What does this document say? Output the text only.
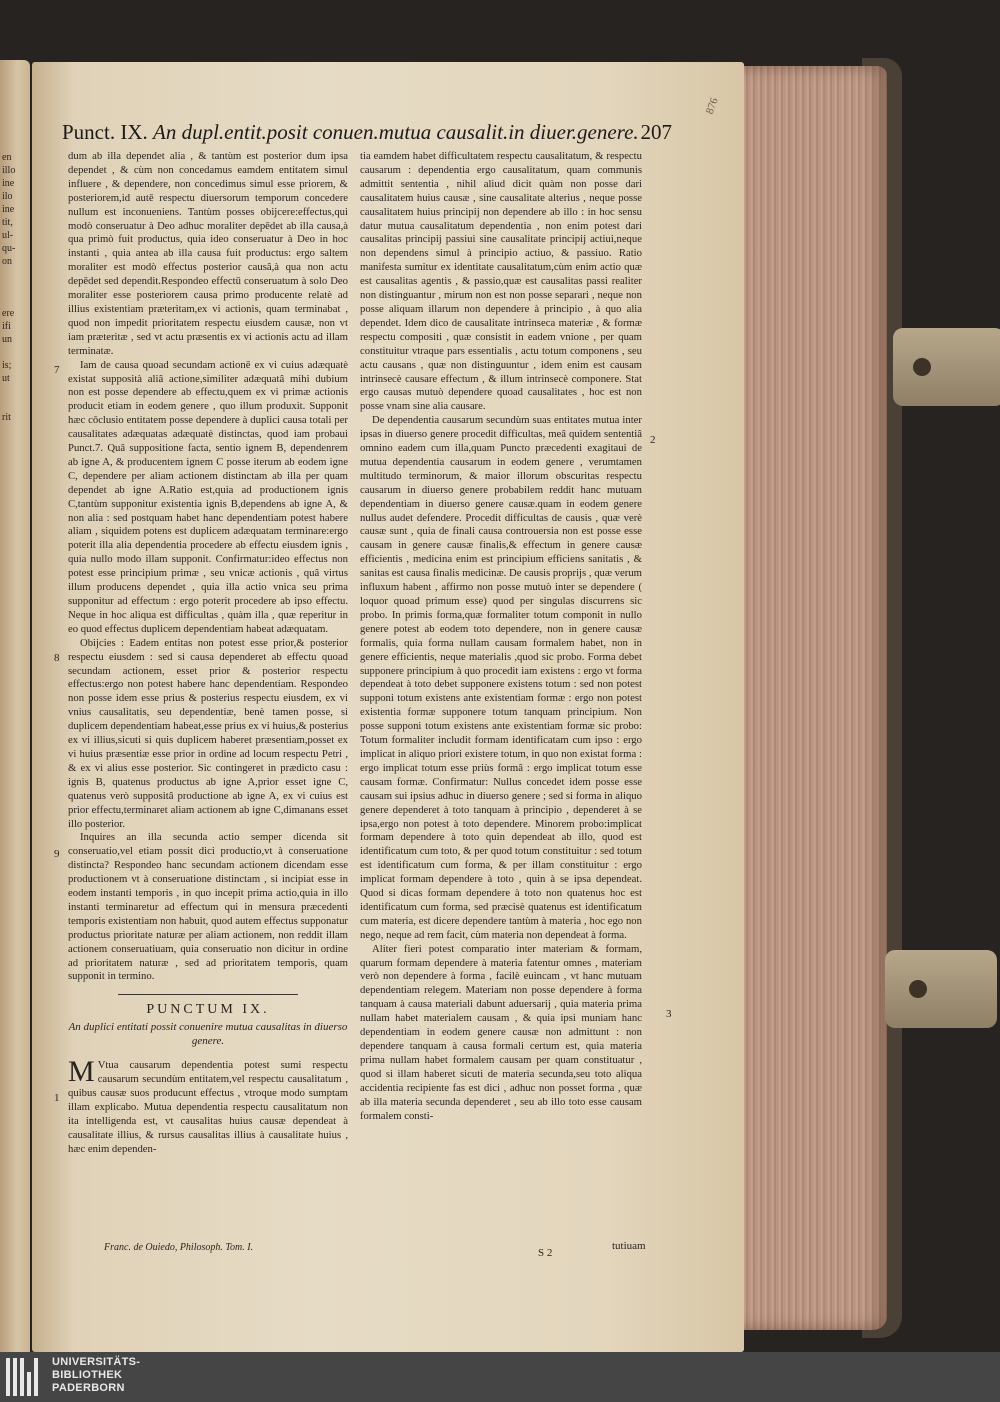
en
illo
ine
ilo
ine
tit,
ul-
qu-
on
ere
ifi
un
is;
ut
rit
876
Punct. IX. An dupl.entit.posit conuen.mutua causalit.in diuer.genere. 207

dum ab illa dependet alia , & tantùm est posterior dum ipsa dependet , & cùm non concedamus eamdem entitatem simul influere , & dependere, non concedimus simul esse priorem, & posteriorem,id autē respectu diuersorum temporum concedere nullum est inconueniens. Tantùm posses obijcere:effectus,qui modò conseruatur à Deo adhuc moraliter depēdet ab illa causa,à qua primò fuit productus, quia ideo conseruatur à Deo in hoc instanti , quia antea ab illa causa fuit productus: ergo saltem moraliter est modò effectus posterior causâ,à qua non actu depēdet sed dependit.Respondeo effectū conseruatum à solo Deo moraliter esse posteriorem causa primo producente relatè ad illius existentiam præteritam,ex vi actionis, quam terminabat , quod non impedit prioritatem respectu eiusdem causæ, non vt iam præteritæ , sed vt actu præsentis ex vi actionis actu ad illam terminatæ.

Iam de causa quoad secundam actionē ex vi cuius adæquatè existat supposità aliâ actione,similiter adæquatâ mihi dubium non est posse dependere ab effectu,quem ex vi primæ actionis producit etiam in eodem genere , quo illum produxit. Supponit hæc cōclusio entitatem posse dependere à duplici causa totali per causalitates adæquatas adæquatè distinctas, quod iam probaui Punct.7. Quâ suppositione facta, sentio ignem B, dependenrem ab igne A, & producentem ignem C posse iterum ab eodem igne C, dependere per aliam actionem distinctam ab illa per quam dependet ab igne A.Ratio est,quia ad productionem ignis C,tantùm supponitur existentia ignis B,dependens ab igne A, & non alia : sed postquam habet hanc dependentiam potest habere aliam , siquidem potens est duplicem adæquatam terminare:ergo poterit illa alia dependentia procedere ab effectu eiusdem ignis , quia nullo modo illam supponit. Confirmatur:ideo effectus non potest esse principium primæ , seu vnicæ actionis , quâ virtus illum producens dependet , quia illa actio vnica seu prima supponitur ad effectum : ergo poterit procedere ab ipso effectu. Neque in hoc aliqua est difficultas , quàm illa , quæ reperitur in eo quod effectus duplicem dependentiam habeat adæquatam.

Obijcies : Eadem entitas non potest esse prior,& posterior respectu eiusdem : sed si causa dependeret ab effectu quoad secundam actionem, esset prior & posterior respectu effectus:ergo non potest habere hanc dependentiam. Respondeo non posse idem esse prius & posterius respectu eiusdem, ex vi vnius causalitatis, seu dependentiæ, benè tamen posse, si duplicem dependentiam habeat,esse prius ex vi huius,& posterius ex vi illius,sicuti si quis duplicem haberet præsentiam,posset ex vi huius præsentiæ esse prior in ordine ad locum respectu Petri , & ex vi alius esse posterior. Sic contingeret in prædicto casu : ignis B, quatenus productus ab igne A,prior esset igne C, quatenus verò suppositâ productione ab igne A, ex vi cuius est prior effectu,terminaret aliam actionem ab igne C,dimanans esset illo posterior.

Inquires an illa secunda actio semper dicenda sit conseruatio,vel etiam possit dici productio,vt à conseruatione distincta? Respondeo hanc secundam actionem dicendam esse productionem vt à conseruatione distinctam , si incipiat esse in eodem instanti temporis , in quo incepit prima actio,quia in illo instanti terminaretur ad effectum qui in mensura præcedenti temporis existentiam non habuit, quod autem effectus supponatur productus prioritate naturæ per aliam actionem, non reddit illam actionem conseruatiuam, quia conseruatio non dicitur in ordine ad prioritatem naturæ , sed ad prioritatem temporis, quam supponit in termino.

PUNCTUM IX.
An duplici entitati possit conuenire mutua causalitas in diuerso genere.

M Vtua causarum dependentia potest sumi respectu causarum secundùm entitatem,vel respectu causalitatum , quibus causæ suos producunt effectus , vtroque modo sumptam illam explicabo. Mutua dependentia respectu causalitatum non ita intelligenda est, vt causalitas huius causæ dependeat à causalitate illius, & rursus causalitas illius à causalitate huius , hæc enim dependen-

tia eamdem habet difficultatem respectu causalitatum, & respectu causarum : dependentia ergo causalitatum, quam communis admittit sententia , nihil aliud dicit quàm non posse dari causalitatem huius causæ , sine causalitate alterius , neque posse causalitatem huius principij non dependere ab illo : in hoc sensu datur mutua causalitatum dependentia , non enim potest dari causalitas principij passiui sine causalitate principij actiui,neque non dependens simul à principio actiuo, & passiuo. Ratio manifesta sumitur ex identitate causalitatum,cùm enim actio quæ est causalitas agentis , & passio,quæ est causalitas passi realiter non distinguantur , mirum non est non posse separari , neque non posse aliquam illarum non dependere à principio , à quo alia dependet. Idem dico de causalitate intrinseca materiæ , & formæ respectu compositi , quæ consistit in eadem vnione , per quam constituitur vtraque pars essentialis , actu totum componens , seu actu causans , quæ non distinguuntur , idem enim est causam intrinsecè causare effectum , & illum intrinsecè componere. Stat ergo causas mutuò dependere quoad causalitates , hoc est non posse vnam sine alia causare.

De dependentia causarum secundùm suas entitates mutua inter ipsas in diuerso genere procedit difficultas, meâ quidem sententiâ omnino eadem cum illa,quam Puncto præcedenti exagitaui de mutua dependentia causarum in eodem genere , verumtamen multitudo terminorum, & maior illorum obscuritas respectu causarum in diuerso genere probabilem reddit hanc mutuam dependentiam in diuerso genere causæ.quam in eodem genere nullus audet defendere. Procedit difficultas de causis , quæ verè causæ sunt , quia de finali causa controuersia non est posse esse causam in genere causæ finalis,& effectum in genere causæ efficientis , medicina enim est principium efficiens sanitatis , & sanitas est causa finalis medicinæ. De causis proprijs , quæ verum influxum habent , affirmo non posse mutuò inter se dependere ( loquor quoad primum esse) quod per singulas discurrens sic probo. In primis forma,quæ formaliter totum componit in nullo genere potest ab eodem toto dependere, non in genere causæ formalis, quia forma nullam causam formalem habet, non in genere efficientis, neque materialis ,quod sic probo. Forma debet supponere principium à quo procedit iam existens : ergo vt forma dependeat à toto debet supponere existens totum : sed non potest supponi totum existens ante existentiam formæ : ergo non potest existentia formæ supponere totum tanquam principium. Non posse supponi totum existens ante existentiam formæ sic probo: Totum formaliter includit formam identificatam cum ipso : ergo implicat in aliquo priori existere totum, in quo non existat forma : ergo implicat totum esse priùs formâ : ergo implicat totum esse causam formæ. Confirmatur: Nullus concedet idem posse esse causam sui ipsius adhuc in diuerso genere ; sed si forma in aliquo genere dependeret à toto tanquam à principio , dependeret à se ipsa,ergo non potest à toto dependere. Minorem probo:implicat formam dependere à toto quin dependeat ab illo, quod est identificatum cum toto, & per quod totum constituitur : sed totum est identificatum cum forma, & per illam constituitur : ergo implicat formam dependere à toto , quin à se ipsa dependeat. Quod si dicas formam dependere à toto non quatenus hoc est identificatum cum forma, sed præcisè quatenus est identificatum cum materia, est dicere dependere tantùm à materia , hoc ego non nego, neque ad rem facit, cùm materia non dependeat à forma.

Aliter fieri potest comparatio inter materiam & formam, quarum formam dependere à materia fatentur omnes , materiam verò non dependere à forma , facilè euincam , vt hanc mutuam dependentiam relegem. Materiam non posse dependere à forma tanquam à causa materiali dabunt aduersarij , quia materia prima nullam habet materialem causam , & quia ipsi muniam hanc dependentiam in eodem genere causæ non admittunt : non dependere tanquam à causa formali certum est, quia materia prima nullam habet formalem causam per quam constituatur , quod si illam haberet sicuti de materia secunda,seu toto aliqua accidentia recipiente fas est dici , adhuc non posset forma , quæ ab illa materia secunda dependeret , seu ab illo toto esse causam formalem consti-

7
8
9
1
2
3
Franc. de Ouiedo, Philosoph. Tom. I.	S 2
tutiuam
UNIVERSITÄTS-
BIBLIOTHEK
PADERBORN
